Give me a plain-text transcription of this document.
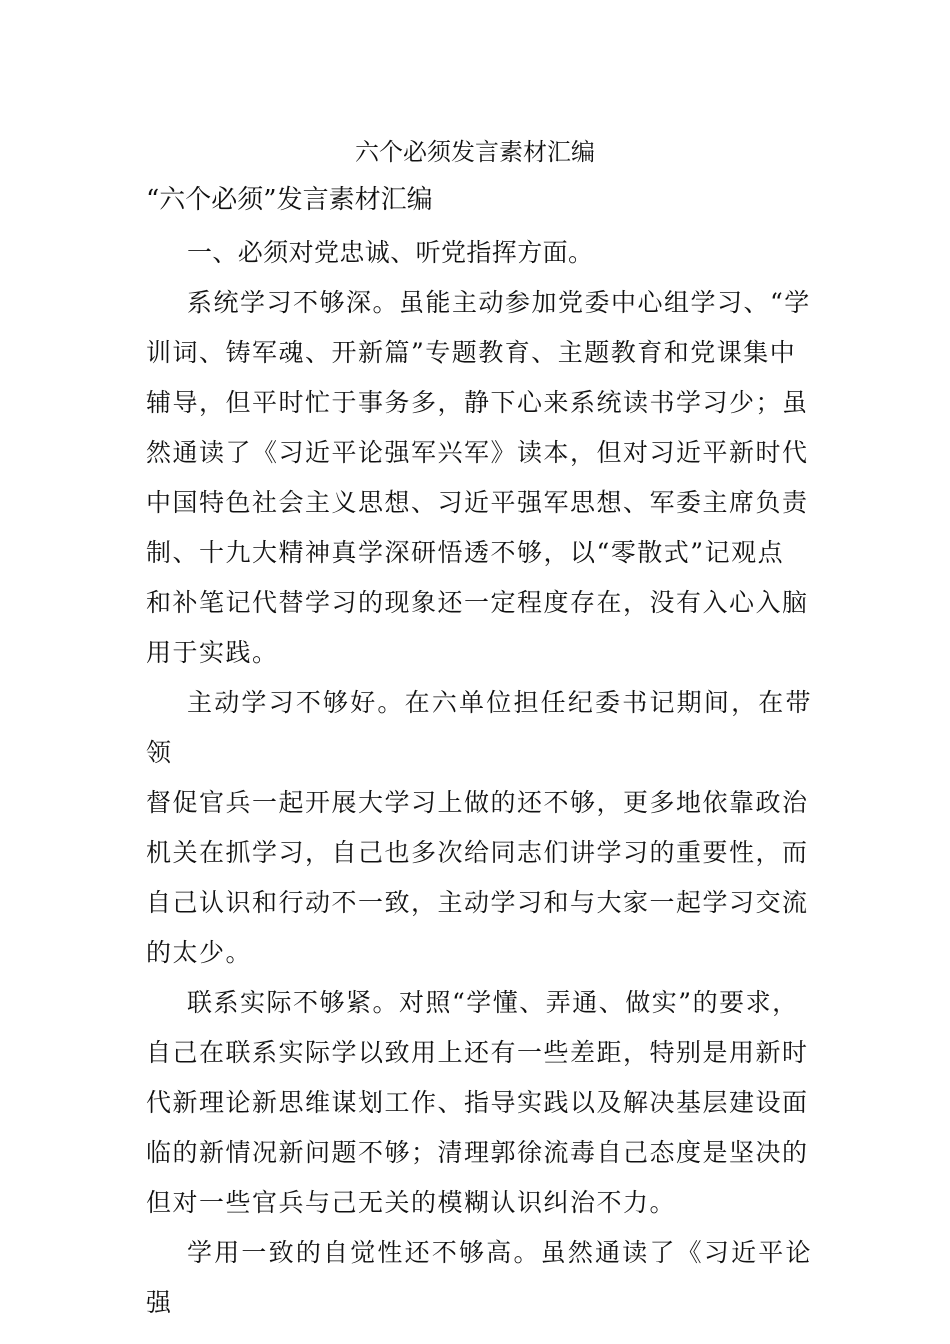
六个必须发言素材汇编
“六个必须”发言素材汇编
一、必须对党忠诚、听党指挥方面。

系统学习不够深。虽能主动参加党委中心组学习、“学
训词、铸军魂、开新篇”专题教育、主题教育和党课集中
辅导，但平时忙于事务多，静下心来系统读书学习少；虽
然通读了《习近平论强军兴军》读本，但对习近平新时代
中国特色社会主义思想、习近平强军思想、军委主席负责
制、十九大精神真学深研悟透不够，以“零散式”记观点
和补笔记代替学习的现象还一定程度存在，没有入心入脑
用于实践。

主动学习不够好。在六单位担任纪委书记期间，在带领
督促官兵一起开展大学习上做的还不够，更多地依靠政治
机关在抓学习，自己也多次给同志们讲学习的重要性，而
自己认识和行动不一致，主动学习和与大家一起学习交流
的太少。

联系实际不够紧。对照“学懂、弄通、做实”的要求，
自己在联系实际学以致用上还有一些差距，特别是用新时
代新理论新思维谋划工作、指导实践以及解决基层建设面
临的新情况新问题不够；清理郭徐流毒自己态度是坚决的
但对一些官兵与己无关的模糊认识纠治不力。

学用一致的自觉性还不够高。虽然通读了《习近平论强
